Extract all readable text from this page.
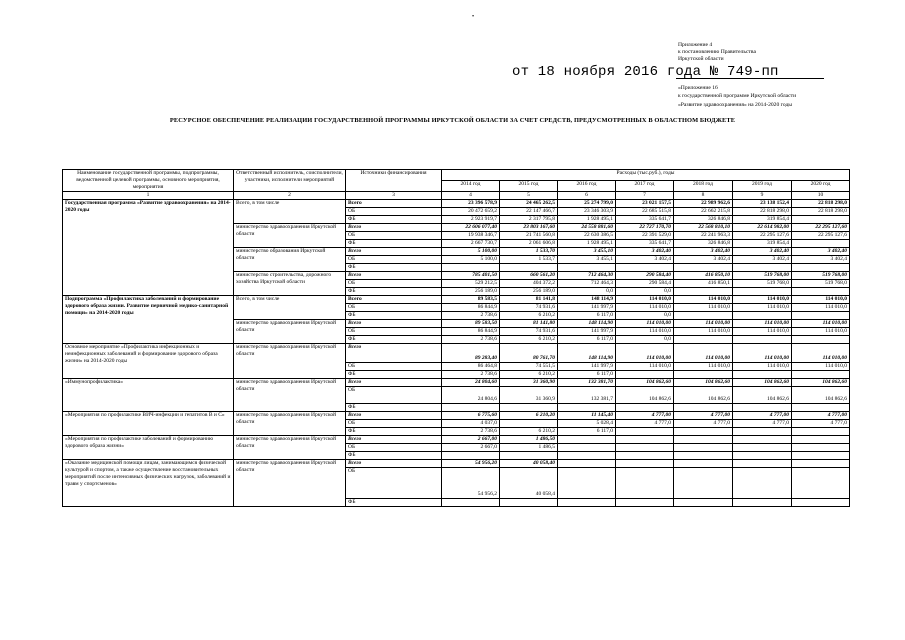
•
Приложение 4
к постановлению Правительства
Иркутской области
от 18 ноября 2016 года № 749-пп
«Приложение 16
к государственной программе Иркутской области
«Развитие здравоохранения» на 2014-2020 годы
РЕСУРСНОЕ ОБЕСПЕЧЕНИЕ РЕАЛИЗАЦИИ ГОСУДАРСТВЕННОЙ ПРОГРАММЫ ИРКУТСКОЙ ОБЛАСТИ ЗА СЧЕТ СРЕДСТВ, ПРЕДУСМОТРЕННЫХ В ОБЛАСТНОМ БЮДЖЕТЕ
Наименование государственной программы, подпрограммы, ведомственной целевой программы, основного мероприятия, мероприятия	Ответственный исполнитель, соисполнители, участники, исполнители мероприятий	Источники финансирования	Расходы (тыс.руб.), годы						
			2014 год	2015 год	2016 год	2017 год	2018 год	2019 год	2020 год
1	2	3	4	5	6	7	8	9	10
Государственная программа «Развитие здравоохранения» на 2014-2020 годы	Всего, в том числе	Всего	23 396 578,9	24 465 262,5	25 274 799,0	23 021 157,5	22 989 962,6	23 138 152,4	22 818 298,0
		ОБ	20 472 659,2	22 147 466,7	23 346 303,9	22 685 515,8	22 662 215,8	22 818 298,0	22 818 298,0
		ФБ	2 923 919,7	2 317 795,8	1 928 495,1	335 641,7	326 846,8	319 854,4	
	министерство здравоохранения Иркутской области	Всего	22 606 077,40	23 803 167,60	24 558 881,60	22 727 170,70	22 568 810,10	22 614 982,00	22 295 127,60
		ОБ	19 938 346,7	21 741 560,8	22 630 386,5	22 391 529,0	22 241 963,3	22 295 127,6	22 295 127,6
		ФБ	2 667 730,7	2 061 606,8	1 928 495,1	335 641,7	326 846,8	319 854,4	
	министерство образования Иркутской области	Всего	5 100,00	1 533,70	3 455,10	3 402,40	3 402,40	3 402,40	3 402,40
		ОБ	5 100,0	1 533,7	3 455,1	3 402,4	3 402,4	3 402,4	3 402,4
		ФБ							
	министерство строительства, дорожного хозяйства Иркутской области	Всего	785 401,50	660 561,20	712 464,30	290 584,40	416 850,10	519 768,00	519 768,00
		ОБ	529 212,5	404 372,2	712 464,3	290 584,4	416 850,1	519 768,0	519 768,0
		ФБ	256 189,0	256 189,0	0,0	0,0			
Подпрограмма «Профилактика заболеваний и формирование здорового образа жизни. Развитие первичной медико-санитарной помощи» на 2014-2020 годы	Всего, в том числе	Всего	89 583,5	81 141,8	148 114,9	114 010,0	114 010,0	114 010,0	114 010,0
		ОБ	86 844,9	74 931,6	141 997,9	114 010,0	114 010,0	114 010,0	114 010,0
		ФБ	2 738,6	6 210,2	6 117,0	0,0			
	министерство здравоохранения Иркутской области	Всего	89 583,50	81 141,80	148 114,90	114 010,00	114 010,00	114 010,00	114 010,00
		ОБ	86 844,9	74 931,6	141 997,9	114 010,0	114 010,0	114 010,0	114 010,0
		ФБ	2 738,6	6 210,2	6 117,0	0,0			
Основное мероприятие «Профилактика инфекционных и неинфекционных заболеваний и формирование здорового образа жизни» на 2014-2020 годы	министерство здравоохранения Иркутской области	Всего	89 283,40	80 761,70	148 114,90	114 010,00	114 010,00	114 010,00	114 010,00
		ОБ	86 464,8	74 551,5	141 997,9	114 010,0	114 010,0	114 010,0	114 010,0
		ФБ	2 738,6	6 210,2	6 117,0				
«Иммунопрофилактика»	министерство здравоохранения Иркутской области	Всего	24 804,60	31 360,90	132 381,70	104 862,60	104 862,60	104 862,60	104 862,60
		ОБ	24 804,6	31 360,9	132 381,7	104 862,6	104 862,6	104 862,6	104 862,6
		ФБ							
«Мероприятия по профилактике ВИЧ-инфекции и гепатитов В и С»	министерство здравоохранения Иркутской области	Всего	6 775,60	6 210,20	11 145,40	4 777,00	4 777,00	4 777,00	4 777,00
		ОБ	4 037,0		5 028,4	4 777,0	4 777,0	4 777,0	4 777,0
		ФБ	2 738,6	6 210,2	6 117,0				
«Мероприятия по профилактике заболеваний и формированию здорового образа жизни»	министерство здравоохранения Иркутской области	Всего	2 667,00	1 486,50					
		ОБ	2 667,0	1 486,5					
		ФБ							
«Оказание медицинской помощи лицам, занимающимся физической культурой и спортом, а также осуществление восстановительных мероприятий после интенсивных физических нагрузок, заболеваний и травм у спортсменов»	министерство здравоохранения Иркутской области	Всего	54 956,20	40 058,40					
		ОБ	54 956,2	40 058,4					
		ФБ							
